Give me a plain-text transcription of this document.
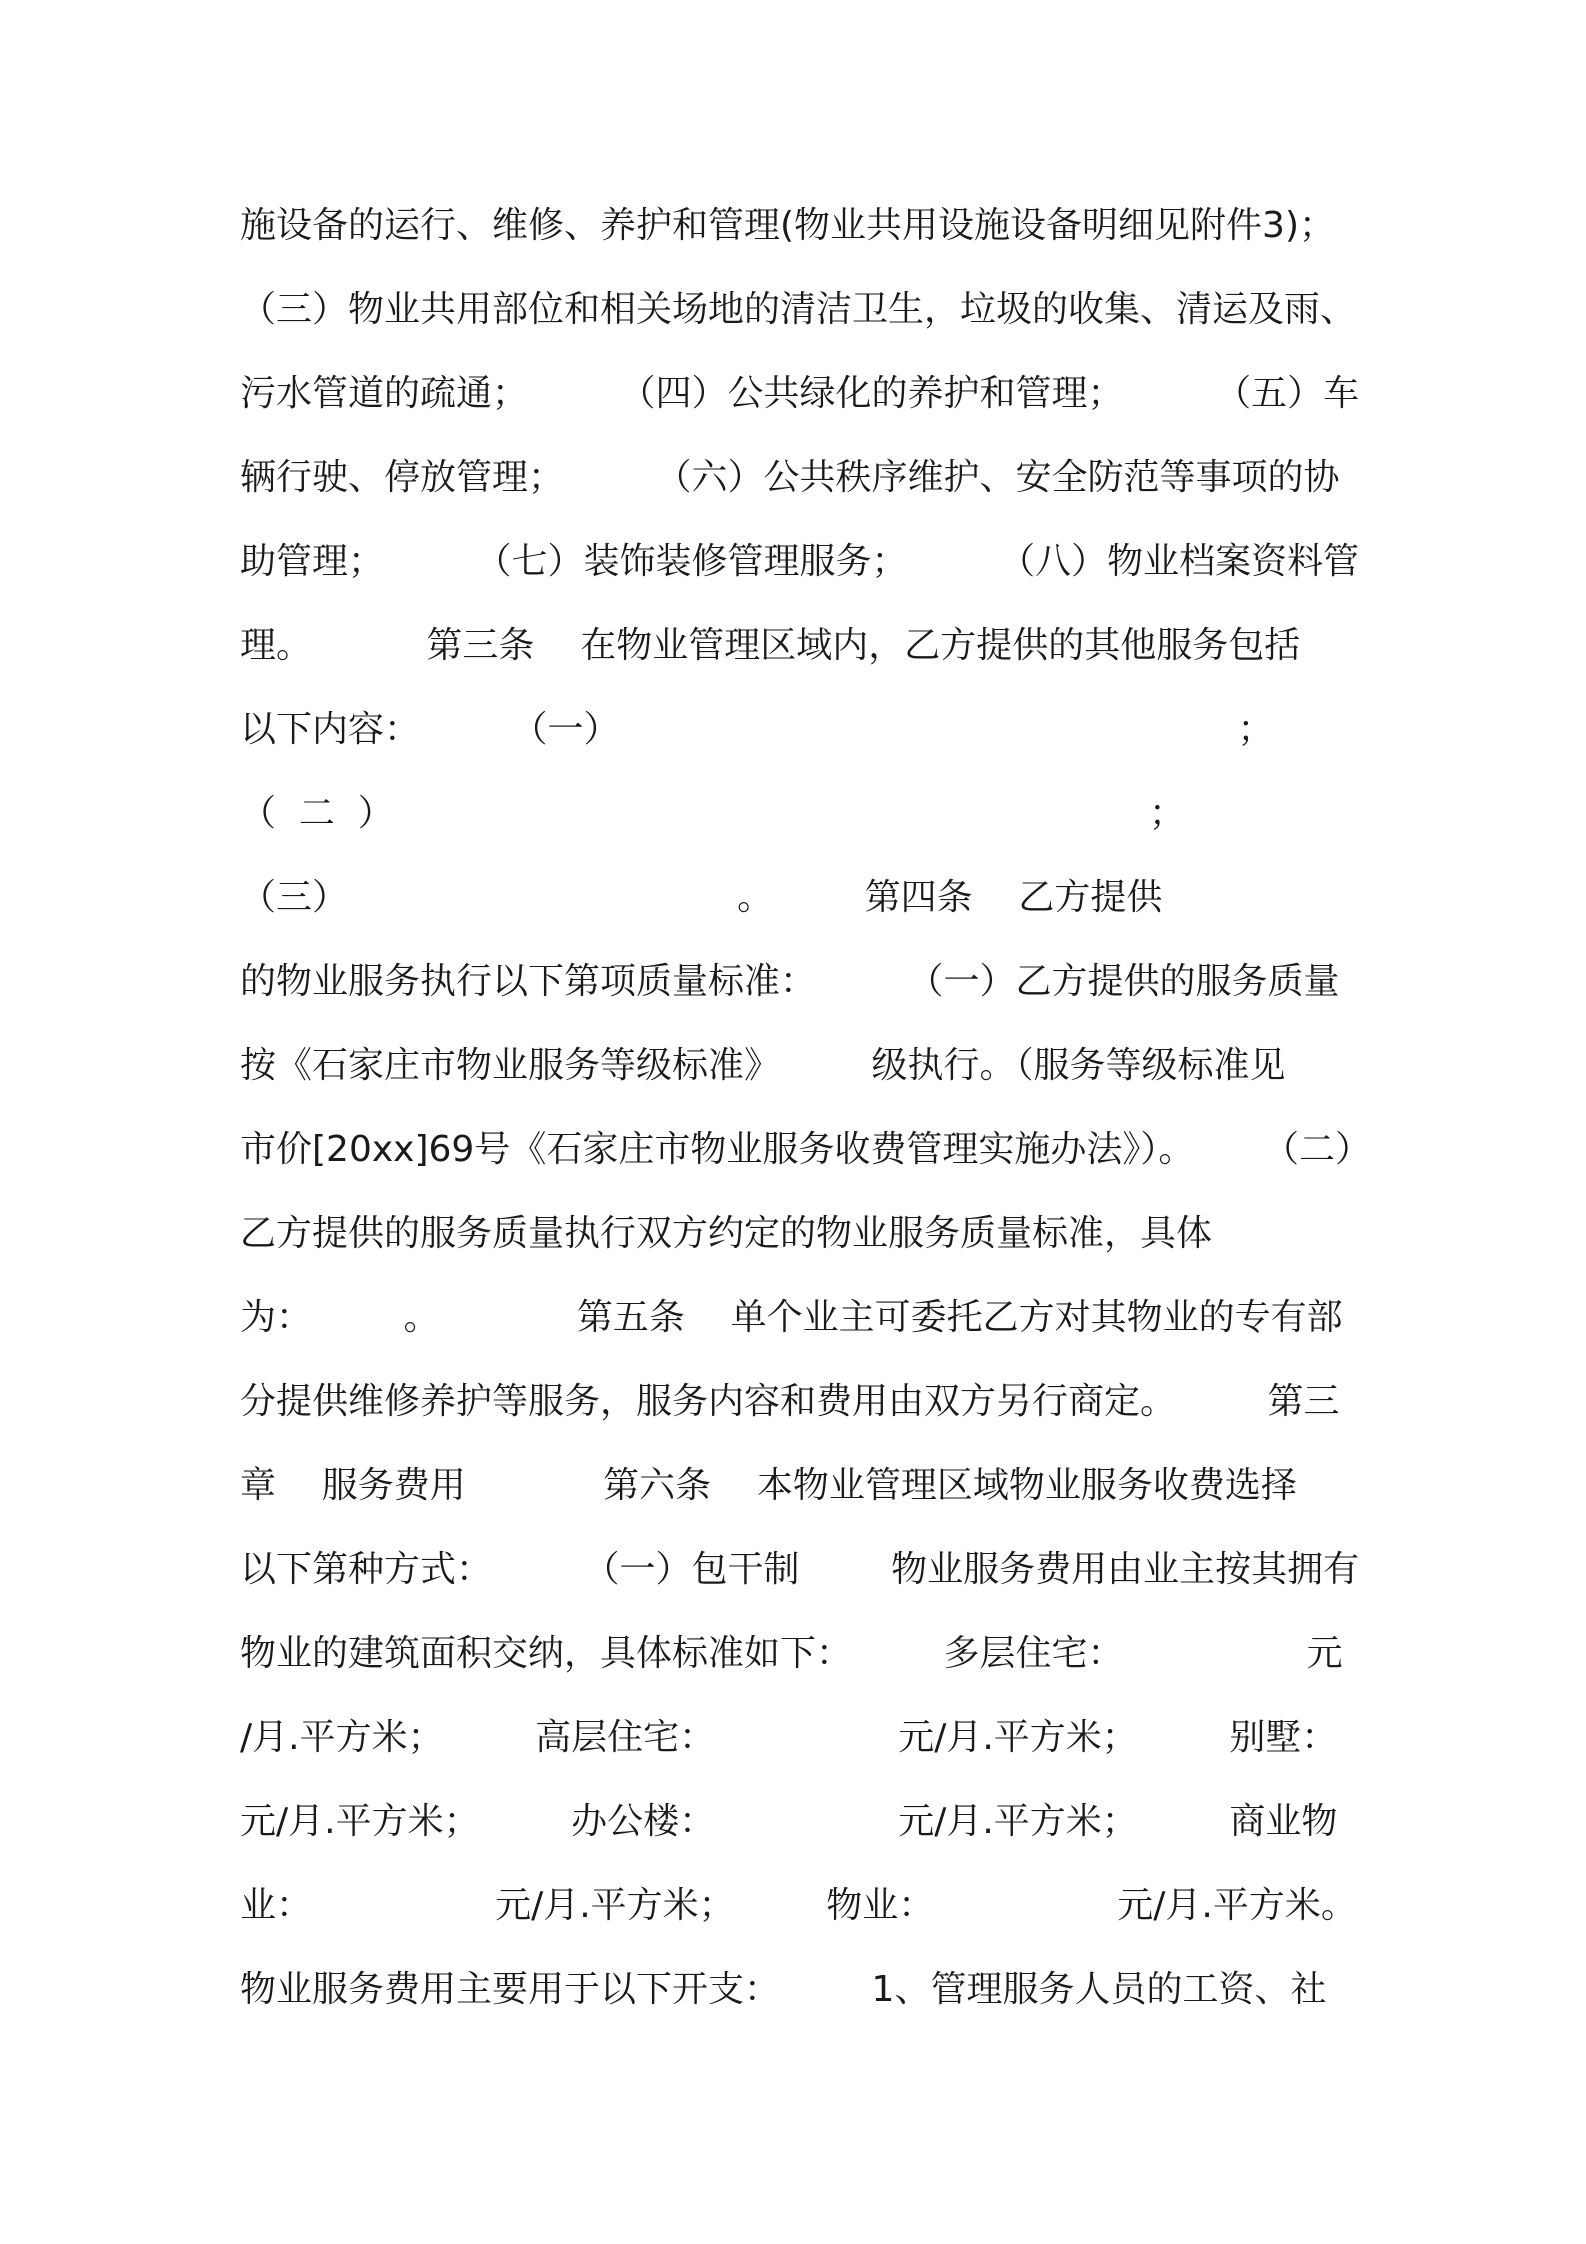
施设备的运行、维修、养护和管理(物业共用设施设备明细见附件3)；
（三）物业共用部位和相关场地的清洁卫生，垃圾的收集、清运及雨、
污水管道的疏通；        （四）公共绿化的养护和管理；        （五）车
辆行驶、停放管理；        （六）公共秩序维护、安全防范等事项的协
助管理；        （七）装饰装修管理服务；        （八）物业档案资料管
理。          第三条    在物业管理区域内，乙方提供的其他服务包括
以下内容：        （一）                                                      ；
（  二  ）                                                                  ；
（三）                                  。        第四条    乙方提供
的物业服务执行以下第项质量标准：        （一）乙方提供的服务质量
按《石家庄市物业服务等级标准》        级执行。（服务等级标准见
市价[20xx]69号《石家庄市物业服务收费管理实施办法》）。      （二）
乙方提供的服务质量执行双方约定的物业服务质量标准，具体
为：        。            第五条    单个业主可委托乙方对其物业的专有部
分提供维修养护等服务，服务内容和费用由双方另行商定。        第三
章    服务费用            第六条    本物业管理区域物业服务收费选择
以下第种方式：        （一）包干制        物业服务费用由业主按其拥有
物业的建筑面积交纳，具体标准如下：        多层住宅：                元
/月.平方米；        高层住宅：                元/月.平方米；        别墅：
元/月.平方米；        办公楼：                元/月.平方米；        商业物
业：                元/月.平方米；        物业：                元/月.平方米。
物业服务费用主要用于以下开支：        1、管理服务人员的工资、社
